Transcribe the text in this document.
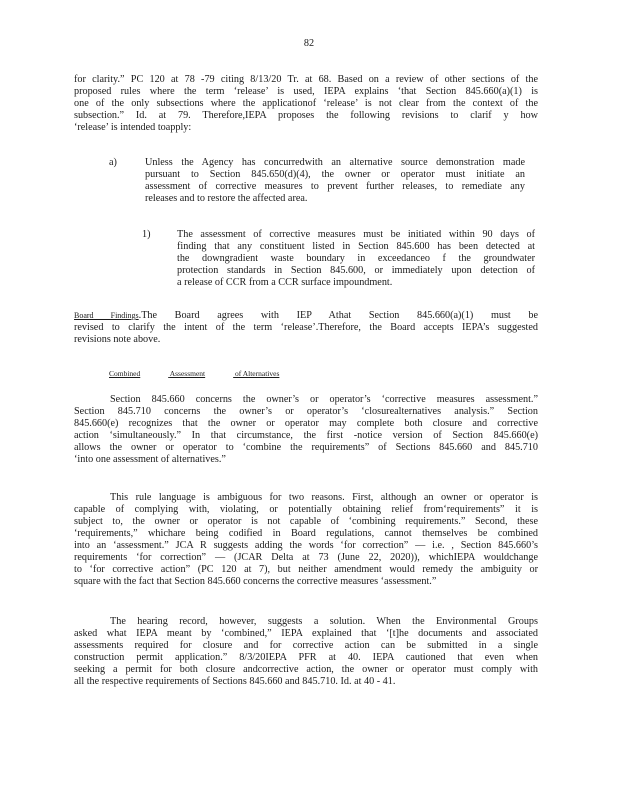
82
for clarity.” PC 120 at 78 -79 citing 8/13/20 Tr. at 68. Based on a review of other sections of the
proposed rules where the term ‘release’ is used, IEPA explains ‘that Section 845.660(a)(1) is
one of the only subsections where the applicationof ‘release’ is not clear from the context of the
subsection.” Id. at 79. Therefore,IEPA proposes the following revisions to clarif y how
‘release’ is intended toapply:
a)	Unless the Agency has concurredwith an alternative source demonstration made
pursuant to Section 845.650(d)(4), the owner or operator must initiate an
assessment of corrective measures to prevent further releases, to remediate any
releases and to restore the affected area.
1)	The assessment of corrective measures must be initiated within 90 days of
finding that any constituent listed in Section 845.600 has been detected at
the downgradient waste boundary in exceedanceo f the groundwater
protection standards in Section 845.600, or immediately upon detection of
a release of CCR from a CCR surface impoundment.
Board Findings.The Board agrees with IEP Athat Section 845.660(a)(1) must be
revised to clarify the intent of the term ‘release’.Therefore, the Board accepts IEPA’s suggested
revisions note above.
Combined	Assessment	of Alternatives
Section 845.660 concerns the owner’s or operator’s ‘corrective measures assessment.”
Section 845.710 concerns the owner’s or operator’s ‘closurealternatives analysis.” Section
845.660(e) recognizes that the owner or operator may complete both closure and corrective
action ‘simultaneously.” In that circumstance, the first -notice version of Section 845.660(e)
allows the owner or operator to ‘combine the requirements” of Sections 845.660 and 845.710
‘into one assessment of alternatives.”
This rule language is ambiguous for two reasons. First, although an owner or operator is
capable of complying with, violating, or potentially obtaining relief from‘requirements” it is
subject to, the owner or operator is not capable of ‘combining requirements.” Second, these
‘requirements,” whichare being codified in Board regulations, cannot themselves be combined
into an ‘assessment.” JCA R suggests adding the words ‘for correction” — i.e. , Section 845.660’s
requirements ‘for correction” — (JCAR Delta at 73 (June 22, 2020)), whichIEPA wouldchange
to ‘for corrective action” (PC 120 at 7), but neither amendment would remedy the ambiguity or
square with the fact that Section 845.660 concerns the corrective measures ‘assessment.”
The hearing record, however, suggests a solution. When the Environmental Groups
asked what IEPA meant by ‘combined,” IEPA explained that ‘[t]he documents and associated
assessments required for closure and for corrective action can be submitted in a single
construction permit application.” 8/3/20IEPA PFR at 40. IEPA cautioned that even when
seeking a permit for both closure andcorrective action, the owner or operator must comply with
all the respective requirements of Sections 845.660 and 845.710. Id. at 40 - 41.
